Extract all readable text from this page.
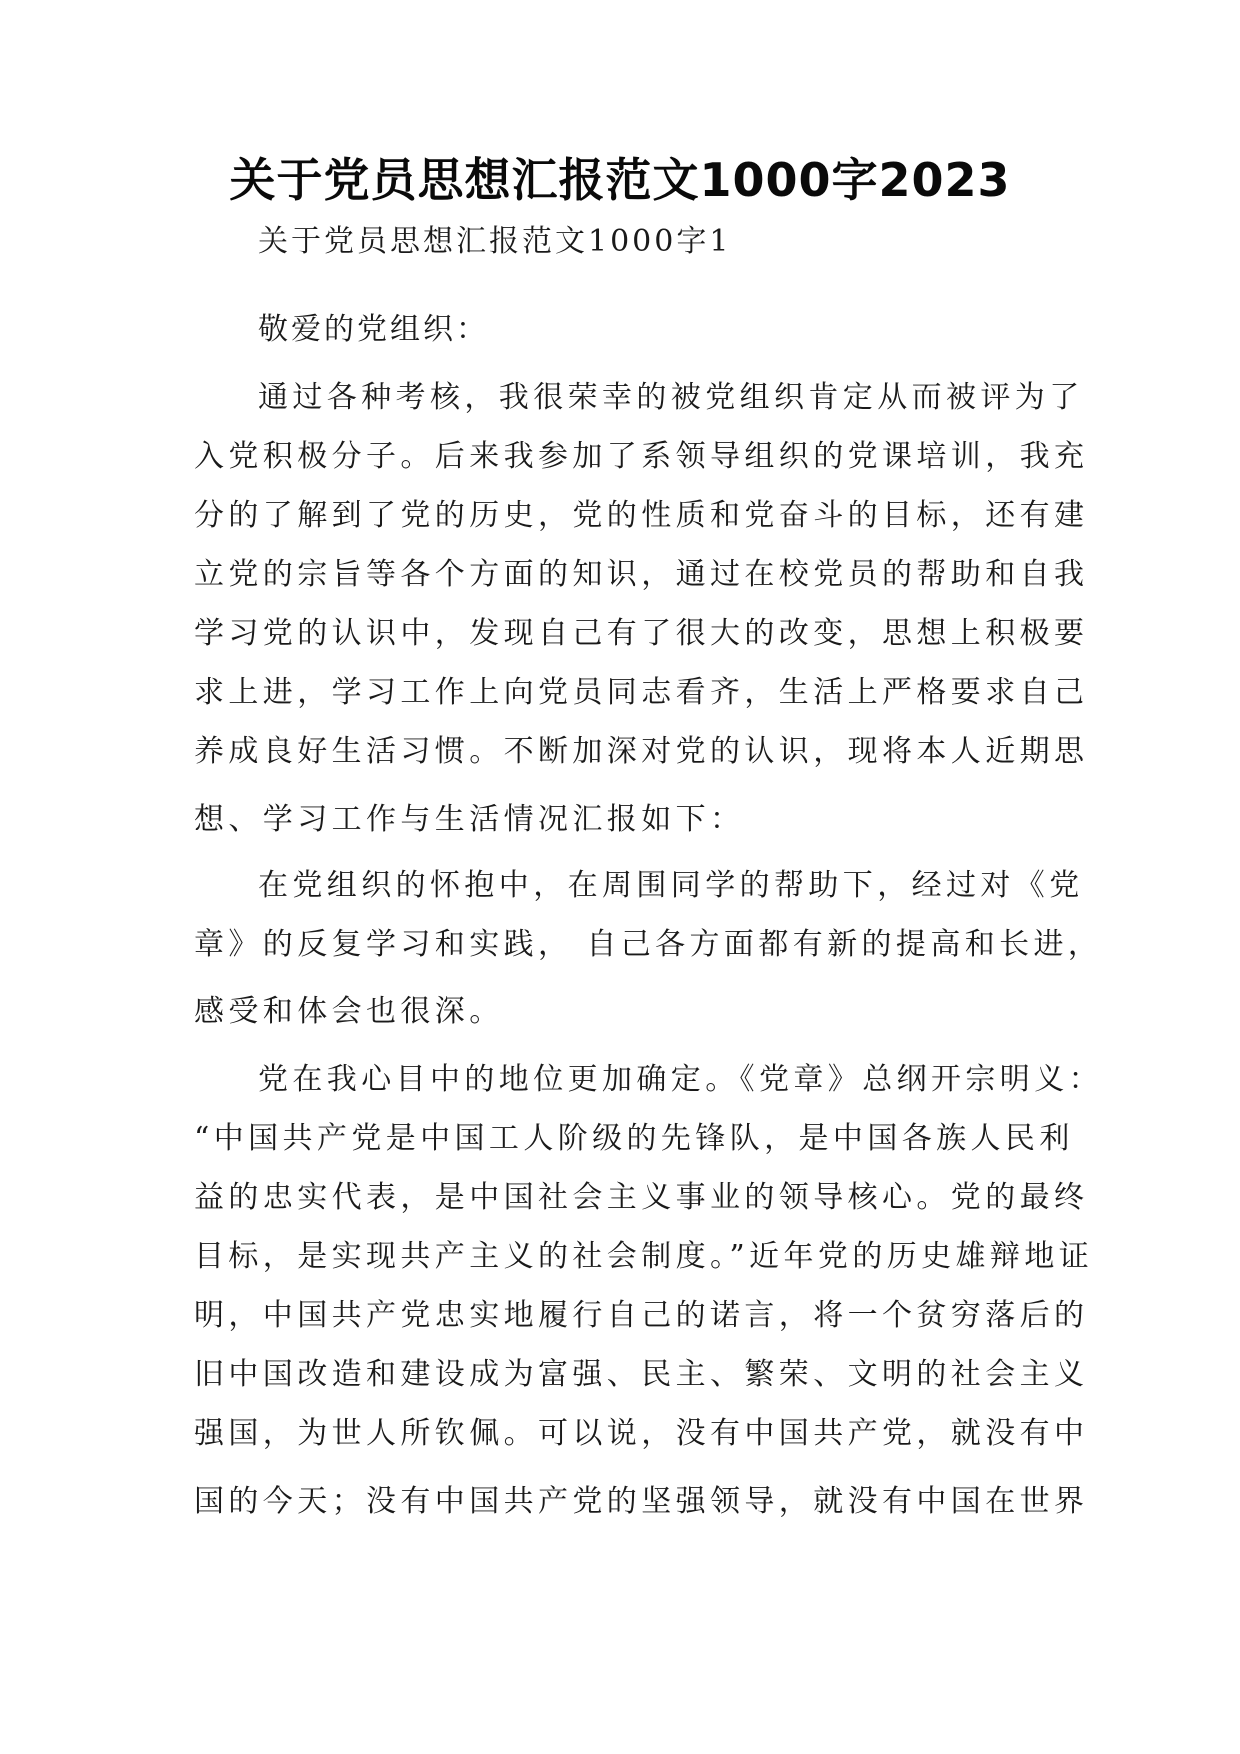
关于党员思想汇报范文1000字2023
关于党员思想汇报范文1000字1
敬爱的党组织：
通过各种考核，我很荣幸的被党组织肯定从而被评为了
入党积极分子。后来我参加了系领导组织的党课培训，我充
分的了解到了党的历史，党的性质和党奋斗的目标，还有建
立党的宗旨等各个方面的知识，通过在校党员的帮助和自我
学习党的认识中，发现自己有了很大的改变，思想上积极要
求上进，学习工作上向党员同志看齐，生活上严格要求自己
养成良好生活习惯。不断加深对党的认识，现将本人近期思
想、学习工作与生活情况汇报如下：
在党组织的怀抱中，在周围同学的帮助下，经过对《党
章》的反复学习和实践， 自己各方面都有新的提高和长进，
感受和体会也很深。
党在我心目中的地位更加确定。《党章》总纲开宗明义：
“中国共产党是中国工人阶级的先锋队，是中国各族人民利
益的忠实代表，是中国社会主义事业的领导核心。党的最终
目标，是实现共产主义的社会制度。”近年党的历史雄辩地证
明，中国共产党忠实地履行自己的诺言，将一个贫穷落后的
旧中国改造和建设成为富强、民主、繁荣、文明的社会主义
强国，为世人所钦佩。可以说，没有中国共产党，就没有中
国的今天；没有中国共产党的坚强领导，就没有中国在世界
